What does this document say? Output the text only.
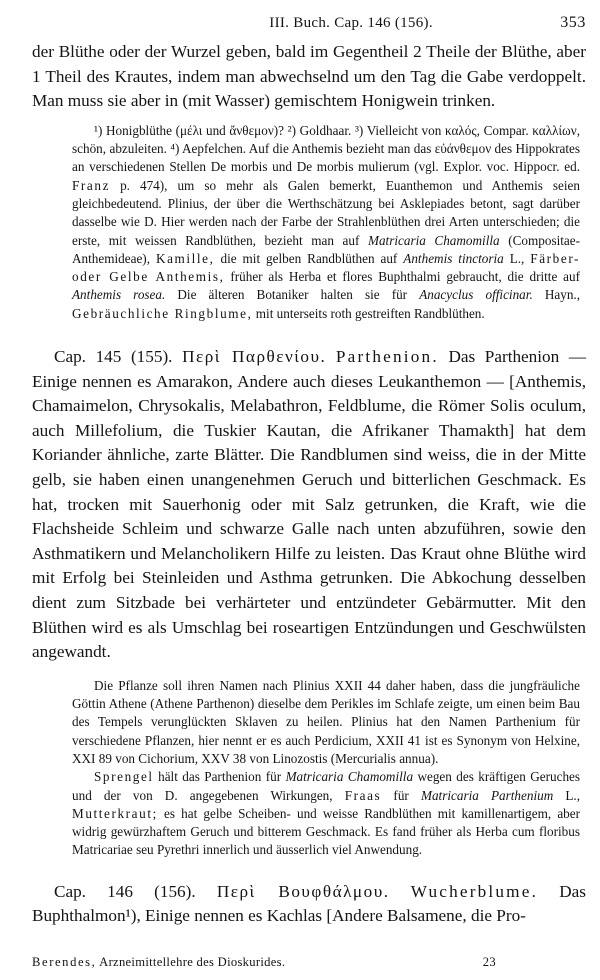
III. Buch. Cap. 146 (156).	353

der Blüthe oder der Wurzel geben, bald im Gegentheil 2 Theile der Blüthe, aber 1 Theil des Krautes, indem man abwechselnd um den Tag die Gabe verdoppelt. Man muss sie aber in (mit Wasser) gemischtem Honigwein trinken.

¹) Honigblüthe (μέλι und ἄνθεμον)? ²) Goldhaar. ³) Vielleicht von καλός, Compar. καλλίων, schön, abzuleiten. ⁴) Aepfelchen. Auf die Anthemis bezieht man das εὐάνθεμον des Hippokrates an verschiedenen Stellen De morbis und De morbis mulierum (vgl. Explor. voc. Hippocr. ed. Franz p. 474), um so mehr als Galen bemerkt, Euanthemon und Anthemis seien gleichbedeutend. Plinius, der über die Werthschätzung bei Asklepiades betont, sagt darüber dasselbe wie D. Hier werden nach der Farbe der Strahlenblüthen drei Arten unterschieden; die erste, mit weissen Randblüthen, bezieht man auf Matricaria Chamomilla (Compositae-Anthemideae), Kamille, die mit gelben Randblüthen auf Anthemis tinctoria L., Färber- oder Gelbe Anthemis, früher als Herba et flores Buphthalmi gebraucht, die dritte auf Anthemis rosea. Die älteren Botaniker halten sie für Anacyclus officinar. Hayn., Gebräuchliche Ringblume, mit unterseits roth gestreiften Randblüthen.

Cap. 145 (155). Περὶ Παρθενίου. Parthenion. Das Parthenion — Einige nennen es Amarakon, Andere auch dieses Leukanthemon — [Anthemis, Chamaimelon, Chrysokalis, Melabathron, Feldblume, die Römer Solis oculum, auch Millefolium, die Tuskier Kautan, die Afrikaner Thamakth] hat dem Koriander ähnliche, zarte Blätter. Die Randblumen sind weiss, die in der Mitte gelb, sie haben einen unangenehmen Geruch und bitterlichen Geschmack. Es hat, trocken mit Sauerhonig oder mit Salz getrunken, die Kraft, wie die Flachsheide Schleim und schwarze Galle nach unten abzuführen, sowie den Asthmatikern und Melancholikern Hilfe zu leisten. Das Kraut ohne Blüthe wird mit Erfolg bei Steinleiden und Asthma getrunken. Die Abkochung desselben dient zum Sitzbade bei verhärteter und entzündeter Gebärmutter. Mit den Blüthen wird es als Umschlag bei roseartigen Entzündungen und Geschwülsten angewandt.

Die Pflanze soll ihren Namen nach Plinius XXII 44 daher haben, dass die jungfräuliche Göttin Athene (Athene Parthenon) dieselbe dem Perikles im Schlafe zeigte, um einen beim Bau des Tempels verunglückten Sklaven zu heilen. Plinius hat den Namen Parthenium für verschiedene Pflanzen, hier nennt er es auch Perdicium, XXII 41 ist es Synonym von Helxine, XXI 89 von Cichorium, XXV 38 von Linozostis (Mercurialis annua).

Sprengel hält das Parthenion für Matricaria Chamomilla wegen des kräftigen Geruches und der von D. angegebenen Wirkungen, Fraas für Matricaria Parthenium L., Mutterkraut; es hat gelbe Scheiben- und weisse Randblüthen mit kamillenartigem, aber widrig gewürzhaftem Geruch und bitterem Geschmack. Es fand früher als Herba cum floribus Matricariae seu Pyrethri innerlich und äusserlich viel Anwendung.

Cap. 146 (156). Περὶ Βουφθάλμου. Wucherblume. Das Buphthalmon¹), Einige nennen es Kachlas [Andere Balsamene, die Pro-

Berendes, Arzneimittellehre des Dioskurides.	23
